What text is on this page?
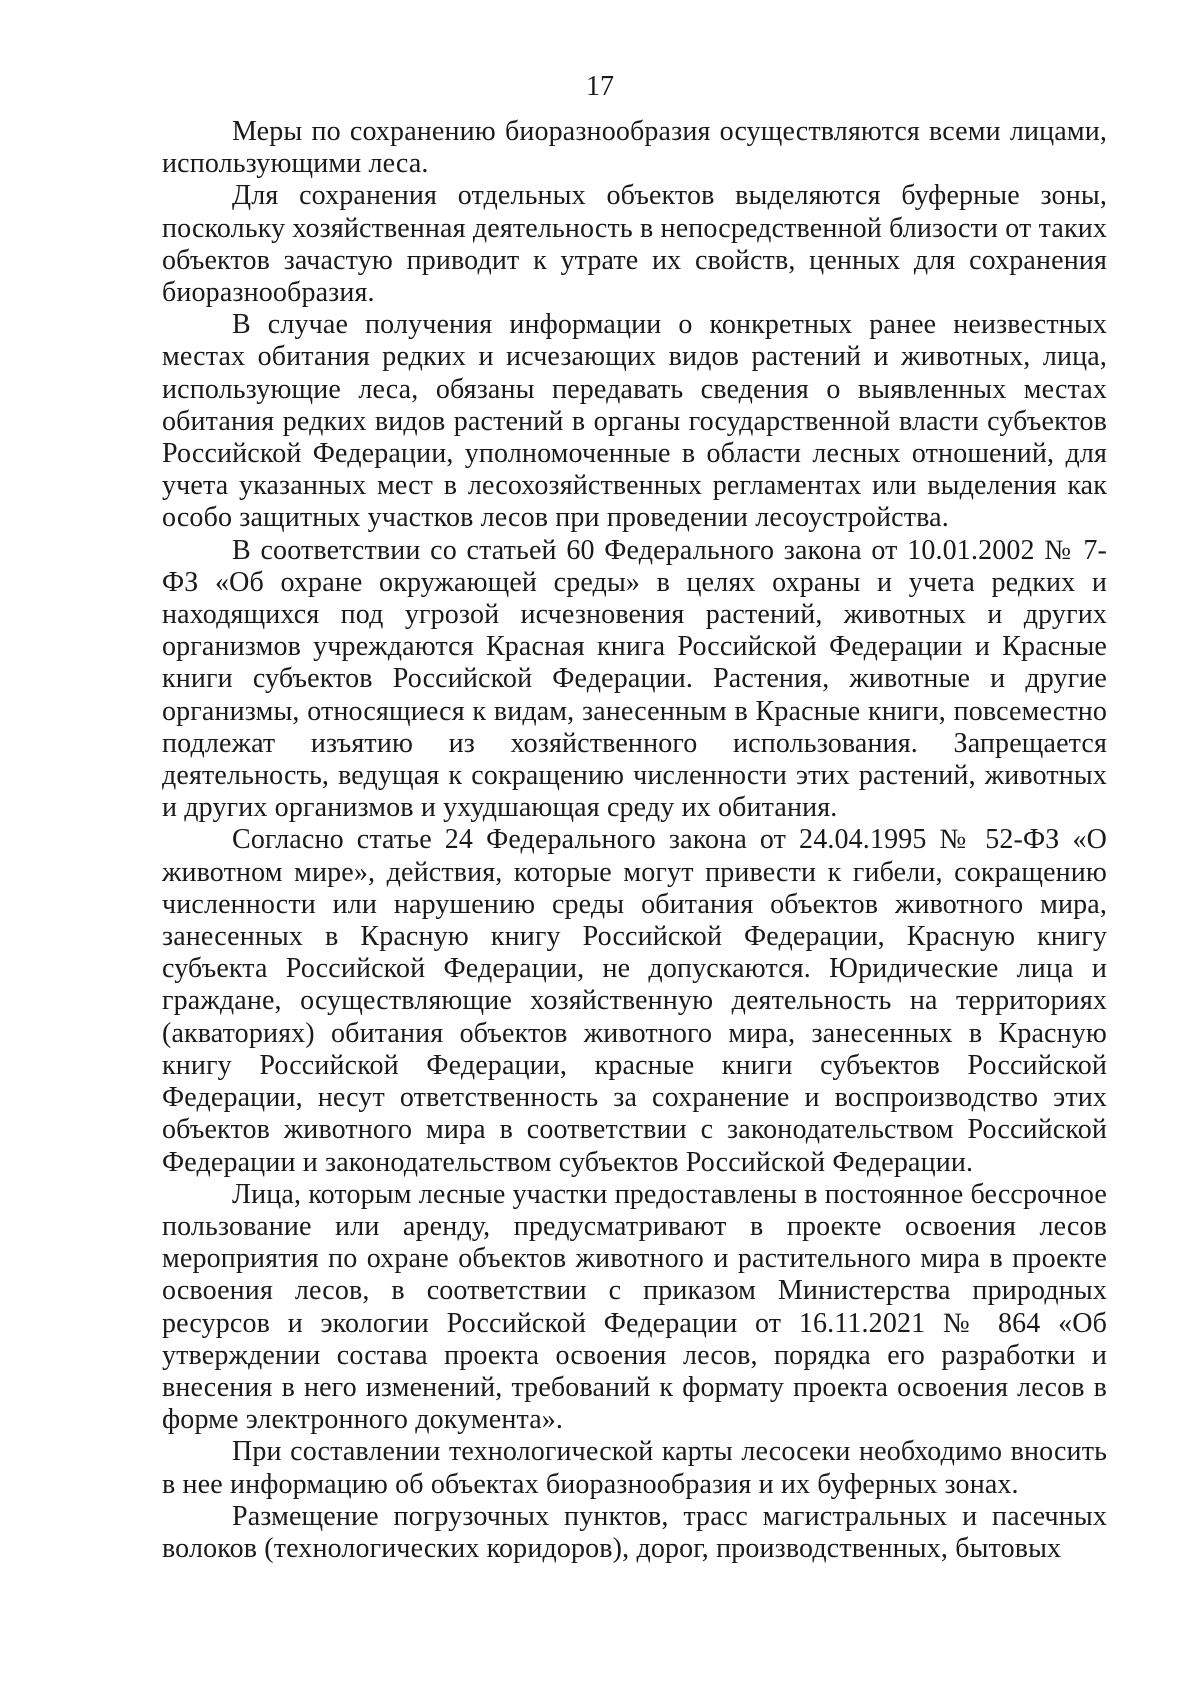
17

Меры по сохранению биоразнообразия осуществляются всеми лицами, использующими леса.

Для сохранения отдельных объектов выделяются буферные зоны, поскольку хозяйственная деятельность в непосредственной близости от таких объектов зачастую приводит к утрате их свойств, ценных для сохранения биоразнообразия.

В случае получения информации о конкретных ранее неизвестных местах обитания редких и исчезающих видов растений и животных, лица, использующие леса, обязаны передавать сведения о выявленных местах обитания редких видов растений в органы государственной власти субъектов Российской Федерации, уполномоченные в области лесных отношений, для учета указанных мест в лесохозяйственных регламентах или выделения как особо защитных участков лесов при проведении лесоустройства.

В соответствии со статьей 60 Федерального закона от 10.01.2002 № 7-ФЗ «Об охране окружающей среды» в целях охраны и учета редких и находящихся под угрозой исчезновения растений, животных и других организмов учреждаются Красная книга Российской Федерации и Красные книги субъектов Российской Федерации. Растения, животные и другие организмы, относящиеся к видам, занесенным в Красные книги, повсеместно подлежат изъятию из хозяйственного использования. Запрещается деятельность, ведущая к сокращению численности этих растений, животных и других организмов и ухудшающая среду их обитания.

Согласно статье 24 Федерального закона от 24.04.1995 № 52-ФЗ «О животном мире», действия, которые могут привести к гибели, сокращению численности или нарушению среды обитания объектов животного мира, занесенных в Красную книгу Российской Федерации, Красную книгу субъекта Российской Федерации, не допускаются. Юридические лица и граждане, осуществляющие хозяйственную деятельность на территориях (акваториях) обитания объектов животного мира, занесенных в Красную книгу Российской Федерации, красные книги субъектов Российской Федерации, несут ответственность за сохранение и воспроизводство этих объектов животного мира в соответствии с законодательством Российской Федерации и законодательством субъектов Российской Федерации.

Лица, которым лесные участки предоставлены в постоянное бессрочное пользование или аренду, предусматривают в проекте освоения лесов мероприятия по охране объектов животного и растительного мира в проекте освоения лесов, в соответствии с приказом Министерства природных ресурсов и экологии Российской Федерации от 16.11.2021 № 864 «Об утверждении состава проекта освоения лесов, порядка его разработки и внесения в него изменений, требований к формату проекта освоения лесов в форме электронного документа».

При составлении технологической карты лесосеки необходимо вносить в нее информацию об объектах биоразнообразия и их буферных зонах.

Размещение погрузочных пунктов, трасс магистральных и пасечных волоков (технологических коридоров), дорог, производственных, бытовых
